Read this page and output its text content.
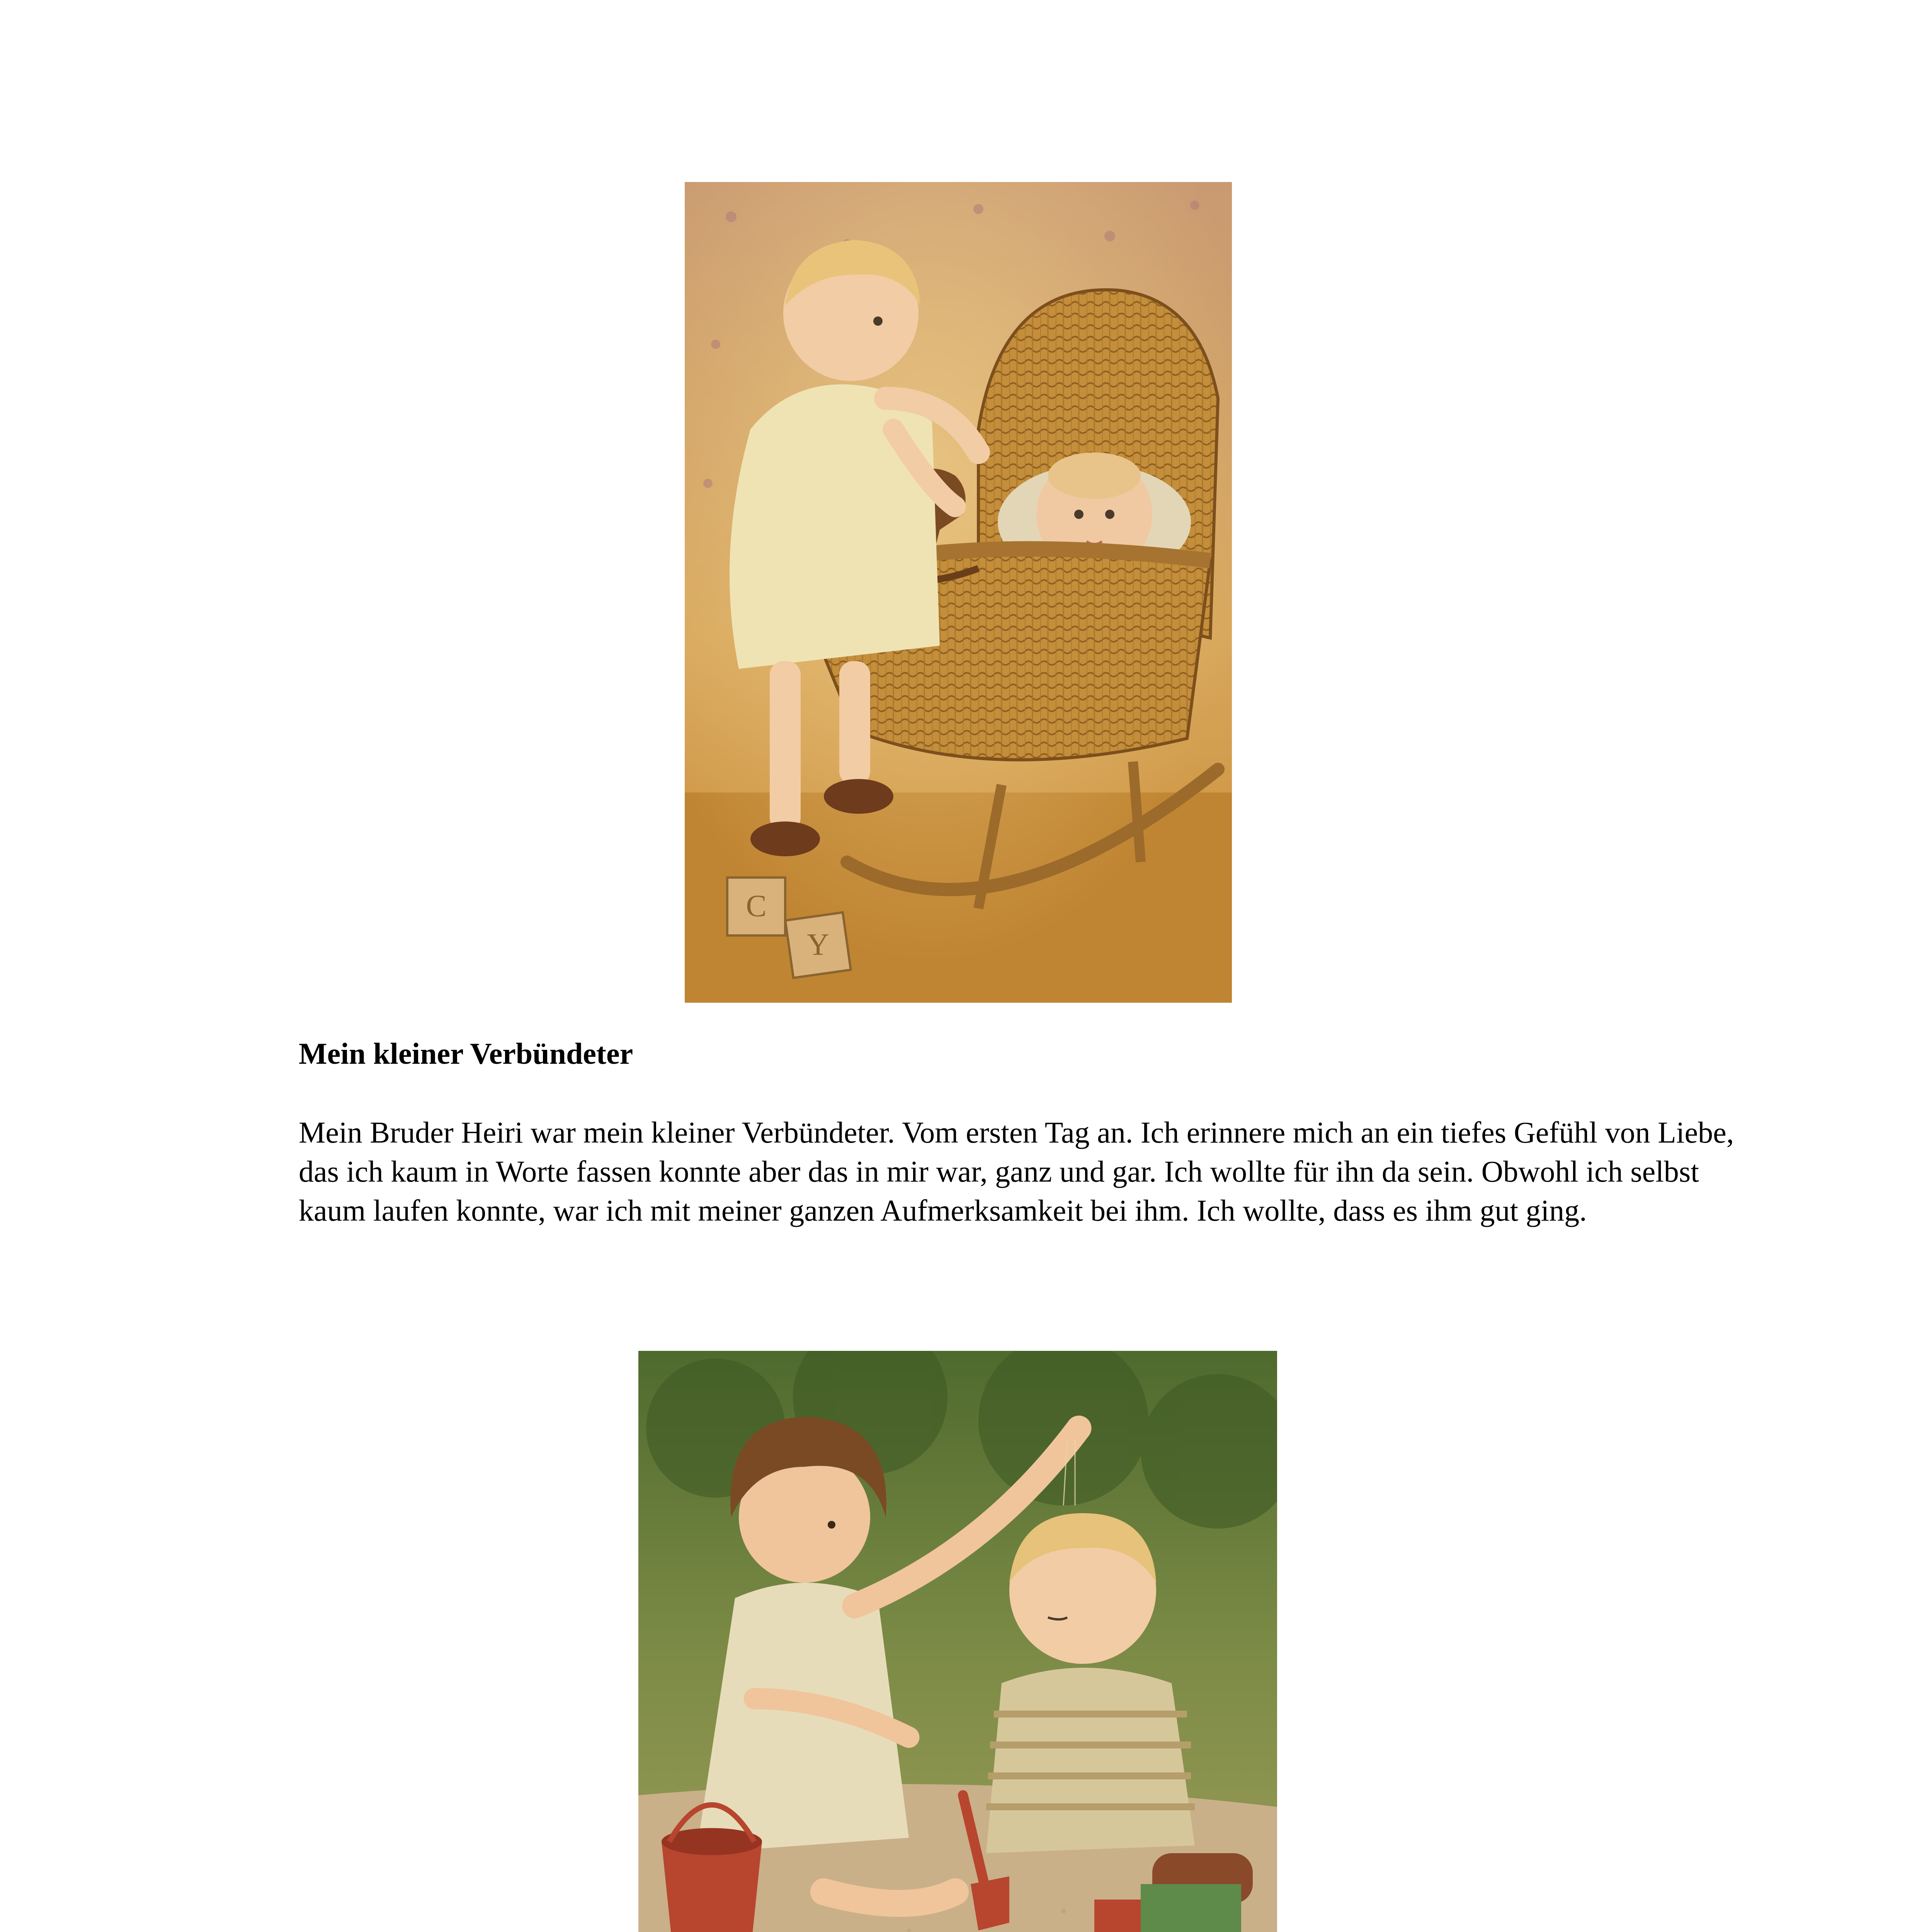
C
Y
Mein kleiner Verbündeter

Mein Bruder Heiri war mein kleiner Verbündeter. Vom ersten Tag an. Ich erinnere mich an ein tiefes Gefühl von Liebe, das ich kaum in Worte fassen konnte aber das in mir war, ganz und gar. Ich wollte für ihn da sein. Obwohl ich selbst kaum laufen konnte, war ich mit meiner ganzen Aufmerksamkeit bei ihm. Ich wollte, dass es ihm gut ging.
